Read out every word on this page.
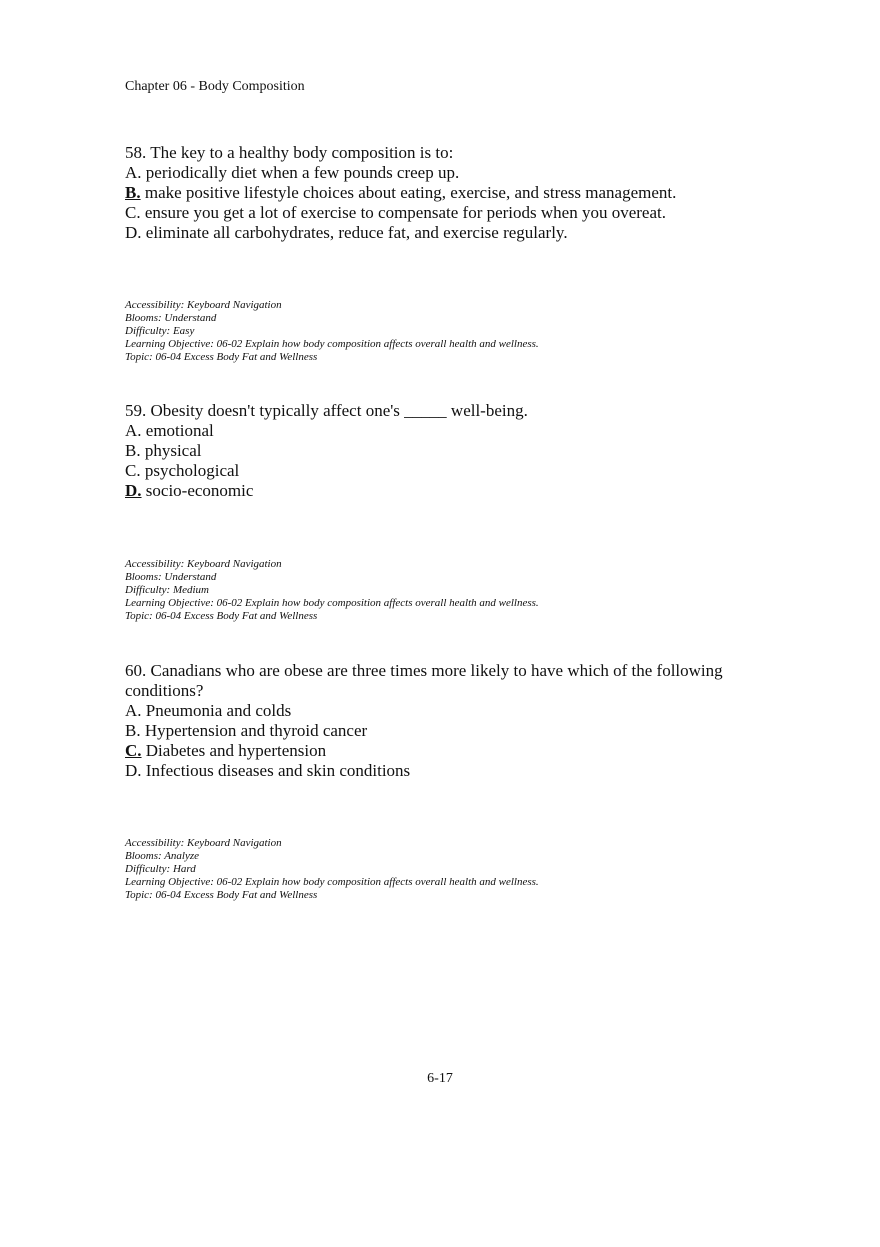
Chapter 06 - Body Composition

58. The key to a healthy body composition is to:

A. periodically diet when a few pounds creep up.

B. make positive lifestyle choices about eating, exercise, and stress management.

C. ensure you get a lot of exercise to compensate for periods when you overeat.

D. eliminate all carbohydrates, reduce fat, and exercise regularly.

Accessibility: Keyboard Navigation
Blooms: Understand
Difficulty: Easy
Learning Objective: 06-02 Explain how body composition affects overall health and wellness.
Topic: 06-04 Excess Body Fat and Wellness

59. Obesity doesn't typically affect one's _____ well-being.

A. emotional

B. physical

C. psychological

D. socio-economic

Accessibility: Keyboard Navigation
Blooms: Understand
Difficulty: Medium
Learning Objective: 06-02 Explain how body composition affects overall health and wellness.
Topic: 06-04 Excess Body Fat and Wellness

60. Canadians who are obese are three times more likely to have which of the following conditions?

A. Pneumonia and colds

B. Hypertension and thyroid cancer

C. Diabetes and hypertension

D. Infectious diseases and skin conditions

Accessibility: Keyboard Navigation
Blooms: Analyze
Difficulty: Hard
Learning Objective: 06-02 Explain how body composition affects overall health and wellness.
Topic: 06-04 Excess Body Fat and Wellness
6-17
